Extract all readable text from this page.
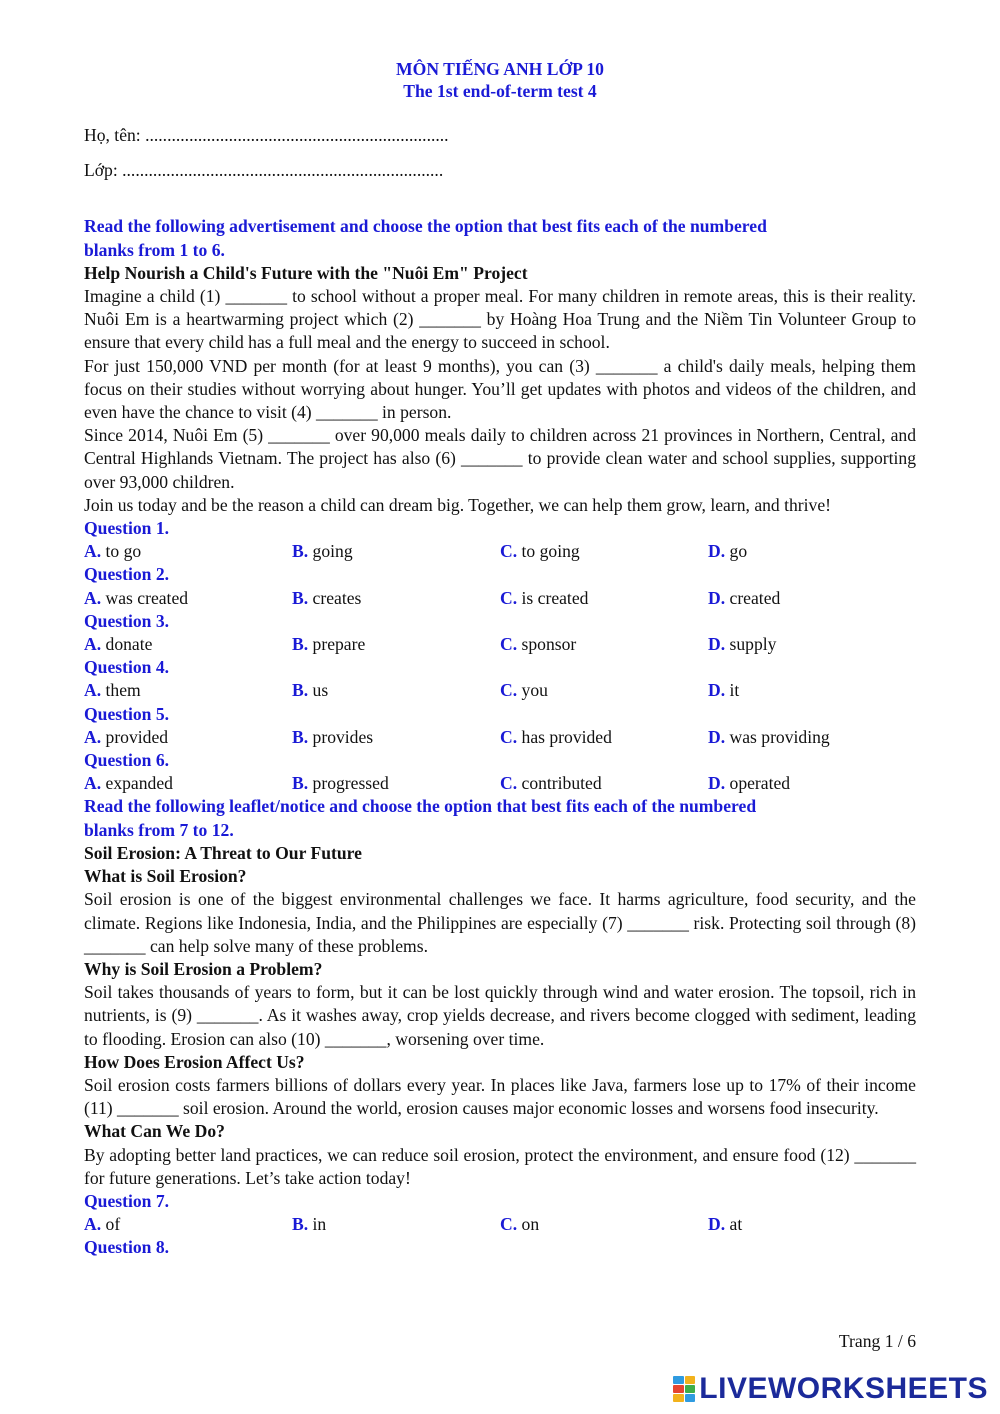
MÔN TIẾNG ANH LỚP 10
The 1st end-of-term test 4
Họ, tên: .....................................................................
Lớp: .........................................................................
Read the following advertisement and choose the option that best fits each of the numbered
blanks from 1 to 6.
Help Nourish a Child's Future with the "Nuôi Em" Project

Imagine a child (1) _______ to school without a proper meal. For many children in remote areas, this is their reality. Nuôi Em is a heartwarming project which (2) _______ by Hoàng Hoa Trung and the Niềm Tin Volunteer Group to ensure that every child has a full meal and the energy to succeed in school.

For just 150,000 VND per month (for at least 9 months), you can (3) _______ a child's daily meals, helping them focus on their studies without worrying about hunger. You’ll get updates with photos and videos of the children, and even have the chance to visit (4) _______ in person.

Since 2014, Nuôi Em (5) _______ over 90,000 meals daily to children across 21 provinces in Northern, Central, and Central Highlands Vietnam. The project has also (6) _______ to provide clean water and school supplies, supporting over 93,000 children.

Join us today and be the reason a child can dream big. Together, we can help them grow, learn, and thrive!

Question 1.
A. to go	B. going	C. to going	D. go
Question 2.
A. was created	B. creates	C. is created	D. created
Question 3.
A. donate	B. prepare	C. sponsor	D. supply
Question 4.
A. them	B. us	C. you	D. it
Question 5.
A. provided	B. provides	C. has provided	D. was providing
Question 6.
A. expanded	B. progressed	C. contributed	D. operated
Read the following leaflet/notice and choose the option that best fits each of the numbered
blanks from 7 to 12.
Soil Erosion: A Threat to Our Future
What is Soil Erosion?

Soil erosion is one of the biggest environmental challenges we face. It harms agriculture, food security, and the climate. Regions like Indonesia, India, and the Philippines are especially (7) _______ risk. Protecting soil through (8) _______ can help solve many of these problems.

Why is Soil Erosion a Problem?

Soil takes thousands of years to form, but it can be lost quickly through wind and water erosion. The topsoil, rich in nutrients, is (9) _______. As it washes away, crop yields decrease, and rivers become clogged with sediment, leading to flooding. Erosion can also (10) _______, worsening over time.

How Does Erosion Affect Us?

Soil erosion costs farmers billions of dollars every year. In places like Java, farmers lose up to 17% of their income (11) _______ soil erosion. Around the world, erosion causes major economic losses and worsens food insecurity.

What Can We Do?

By adopting better land practices, we can reduce soil erosion, protect the environment, and ensure food (12) _______ for future generations. Let’s take action today!

Question 7.
A. of	B. in	C. on	D. at
Question 8.
Trang 1 / 6
LIVEWORKSHEETS
